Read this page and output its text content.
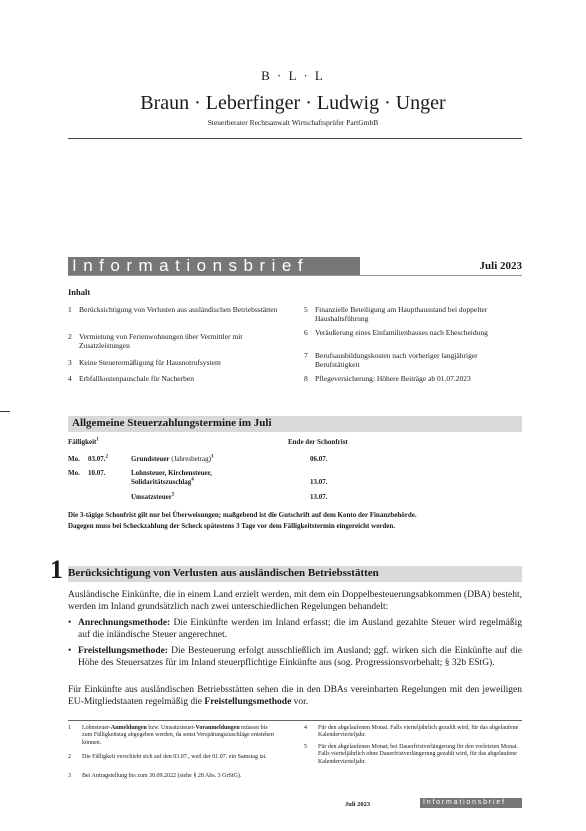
B · L · L
Braun · Leberfinger · Ludwig · Unger
Steuerberater Rechtsanwalt Wirtschaftsprüfer PartGmbB
Informationsbrief	Juli 2023
Inhalt
1 Berücksichtigung von Verlusten aus ausländischen Betriebsstätten
2 Vermietung von Ferienwohnungen über Vermittler mit Zusatzleistungen
3 Keine Steuerermäßigung für Hausnotrufsystem
4 Erbfallkostenpauschale für Nacherben
5 Finanzielle Beteiligung am Haupthausstand bei doppelter Haushaltsführung
6 Veräußerung eines Einfamilienhauses nach Ehescheidung
7 Berufsausbildungskosten nach vorheriger langjähriger Berufstätigkeit
8 Pflegeversicherung: Höhere Beiträge ab 01.07.2023
Allgemeine Steuerzahlungstermine im Juli
Fälligkeit$^1$	Ende der Schonfrist
Mo. 03.07.$^2$	Grundsteuer (Jahresbetrag)$^3$	06.07.
Mo. 10.07.	Lohnsteuer, Kirchensteuer, Solidaritätszuschlag$^4$	13.07.
Umsatzsteuer$^5$	13.07.
Die 3-tägige Schonfrist gilt nur bei Überweisungen; maßgebend ist die Gutschrift auf dem Konto der Finanzbehörde.
Dagegen muss bei Scheckzahlung der Scheck spätestens 3 Tage vor dem Fälligkeitstermin eingereicht werden.
1 Berücksichtigung von Verlusten aus ausländischen Betriebsstätten
Ausländische Einkünfte, die in einem Land erzielt werden, mit dem ein Doppelbesteuerungsabkommen (DBA) besteht, werden im Inland grundsätzlich nach zwei unterschiedlichen Regelungen behandelt:
• Anrechnungsmethode: Die Einkünfte werden im Inland erfasst; die im Ausland gezahlte Steuer wird regelmäßig auf die inländische Steuer angerechnet.
• Freistellungsmethode: Die Besteuerung erfolgt ausschließlich im Ausland; ggf. wirken sich die Einkünfte auf die Höhe des Steuersatzes für im Inland steuerpflichtige Einkünfte aus (sog. Progressionsvorbehalt; § 32b EStG).
Für Einkünfte aus ausländischen Betriebsstätten sehen die in den DBAs vereinbarten Regelungen mit den jeweiligen EU-Mitgliedstaaten regelmäßig die Freistellungsmethode vor.
1 Lohnsteuer-Anmeldungen bzw. Umsatzsteuer-Voranmeldungen müssen bis zum Fälligkeitstag abgegeben werden, da sonst Verspätungszuschläge entstehen können.
2 Die Fälligkeit verschiebt sich auf den 03.07., weil der 01.07. ein Samstag ist.
3 Bei Antragstellung bis zum 30.09.2022 (siehe § 28 Abs. 3 GrStG).
4 Für den abgelaufenen Monat. Falls vierteljährlich gezahlt wird, für das abgelaufene Kalendervierteljahr.
5 Für den abgelaufenen Monat; bei Dauerfristverlängerung für den vorletzten Monat. Falls vierteljährlich ohne Dauerfristverlängerung gezahlt wird, für das abgelaufene Kalendervierteljahr.
Juli 2023	Informationsbrief
